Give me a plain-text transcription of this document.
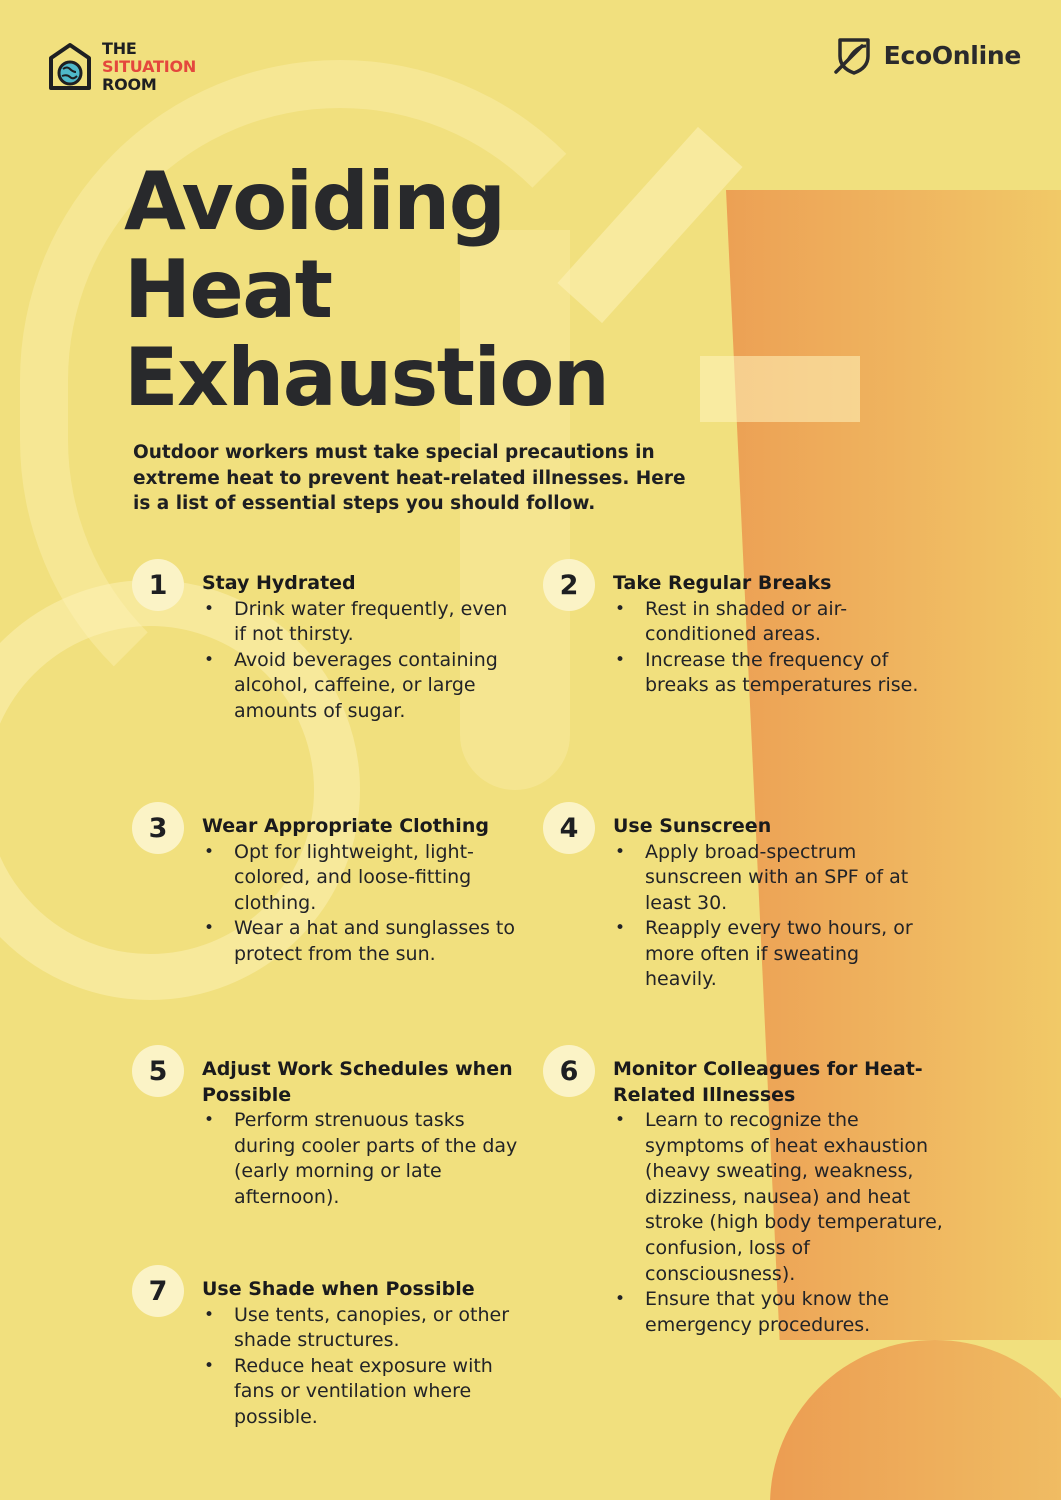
THE
SITUATION
ROOM
EcoOnline
Avoiding
Heat
Exhaustion

Outdoor workers must take special precautions in extreme heat to prevent heat-related illnesses. Here is a list of essential steps you should follow.

1	Stay Hydrated
• Drink water frequently, even if not thirsty.
• Avoid beverages containing alcohol, caffeine, or large amounts of sugar.
2	Take Regular Breaks
• Rest in shaded or air-conditioned areas.
• Increase the frequency of breaks as temperatures rise.
3	Wear Appropriate Clothing
• Opt for lightweight, light-colored, and loose-fitting clothing.
• Wear a hat and sunglasses to protect from the sun.
4	Use Sunscreen
• Apply broad-spectrum sunscreen with an SPF of at least 30.
• Reapply every two hours, or more often if sweating heavily.
5	Adjust Work Schedules when Possible
• Perform strenuous tasks during cooler parts of the day (early morning or late afternoon).
6	Monitor Colleagues for Heat-Related Illnesses
• Learn to recognize the symptoms of heat exhaustion (heavy sweating, weakness, dizziness, nausea) and heat stroke (high body temperature, confusion, loss of consciousness).
• Ensure that you know the emergency procedures.
7	Use Shade when Possible
• Use tents, canopies, or other shade structures.
• Reduce heat exposure with fans or ventilation where possible.
